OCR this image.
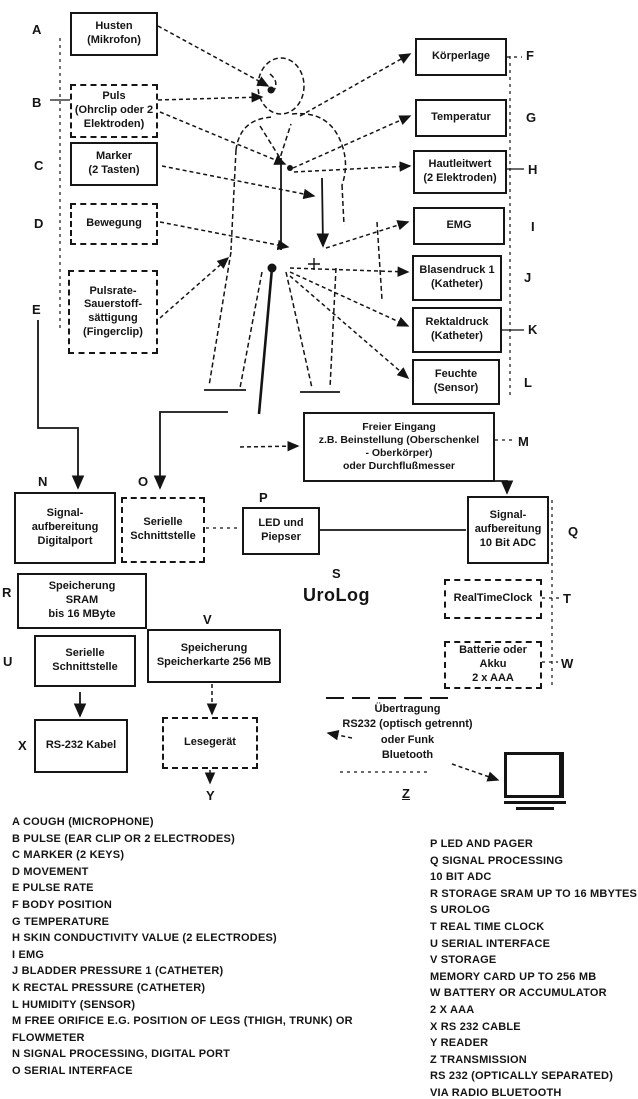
Husten
(Mikrofon)
Puls
(Ohrclip oder 2
Elektroden)
Marker
(2 Tasten)
Bewegung
Pulsrate-
Sauerstoff-
sättigung
(Fingerclip)
Körperlage
Temperatur
Hautleitwert
(2 Elektroden)
EMG
Blasendruck 1
(Katheter)
Rektaldruck
(Katheter)
Feuchte
(Sensor)
Freier Eingang
z.B. Beinstellung (Oberschenkel
- Oberkörper)
oder Durchflußmesser
Signal-
aufbereitung
Digitalport
Serielle
Schnittstelle
LED und
Piepser
Signal-
aufbereitung
10 Bit ADC
Speicherung
SRAM
bis 16 MByte
RealTimeClock
Serielle
Schnittstelle
Speicherung
Speicherkarte 256 MB
Batterie oder Akku
2 x AAA
RS-232 Kabel	Lesegerät
UroLog
Übertragung
RS232 (optisch getrennt)
oder Funk
Bluetooth
A
B
C
D
E
F
G
H
I
J
K
L
M
N	O
P
Q
R
S
T
U
V
W
X
Y	Z
A COUGH (MICROPHONE)
B PULSE (EAR CLIP OR 2 ELECTRODES)
C MARKER (2 KEYS)
D MOVEMENT
E PULSE RATE
F BODY POSITION
G TEMPERATURE
H SKIN CONDUCTIVITY VALUE (2 ELECTRODES)
I EMG
J BLADDER PRESSURE 1 (CATHETER)
K RECTAL PRESSURE (CATHETER)
L HUMIDITY (SENSOR)
M FREE ORIFICE E.G. POSITION OF LEGS (THIGH, TRUNK) OR
FLOWMETER
N SIGNAL PROCESSING, DIGITAL PORT
O SERIAL INTERFACE
P LED AND PAGER
Q SIGNAL PROCESSING
10 BIT ADC
R STORAGE SRAM UP TO 16 MBYTES
S UROLOG
T REAL TIME CLOCK
U SERIAL INTERFACE
V STORAGE
MEMORY CARD UP TO 256 MB
W BATTERY OR ACCUMULATOR
2 X AAA
X RS 232 CABLE
Y READER
Z TRANSMISSION
RS 232 (OPTICALLY SEPARATED)
VIA RADIO BLUETOOTH
